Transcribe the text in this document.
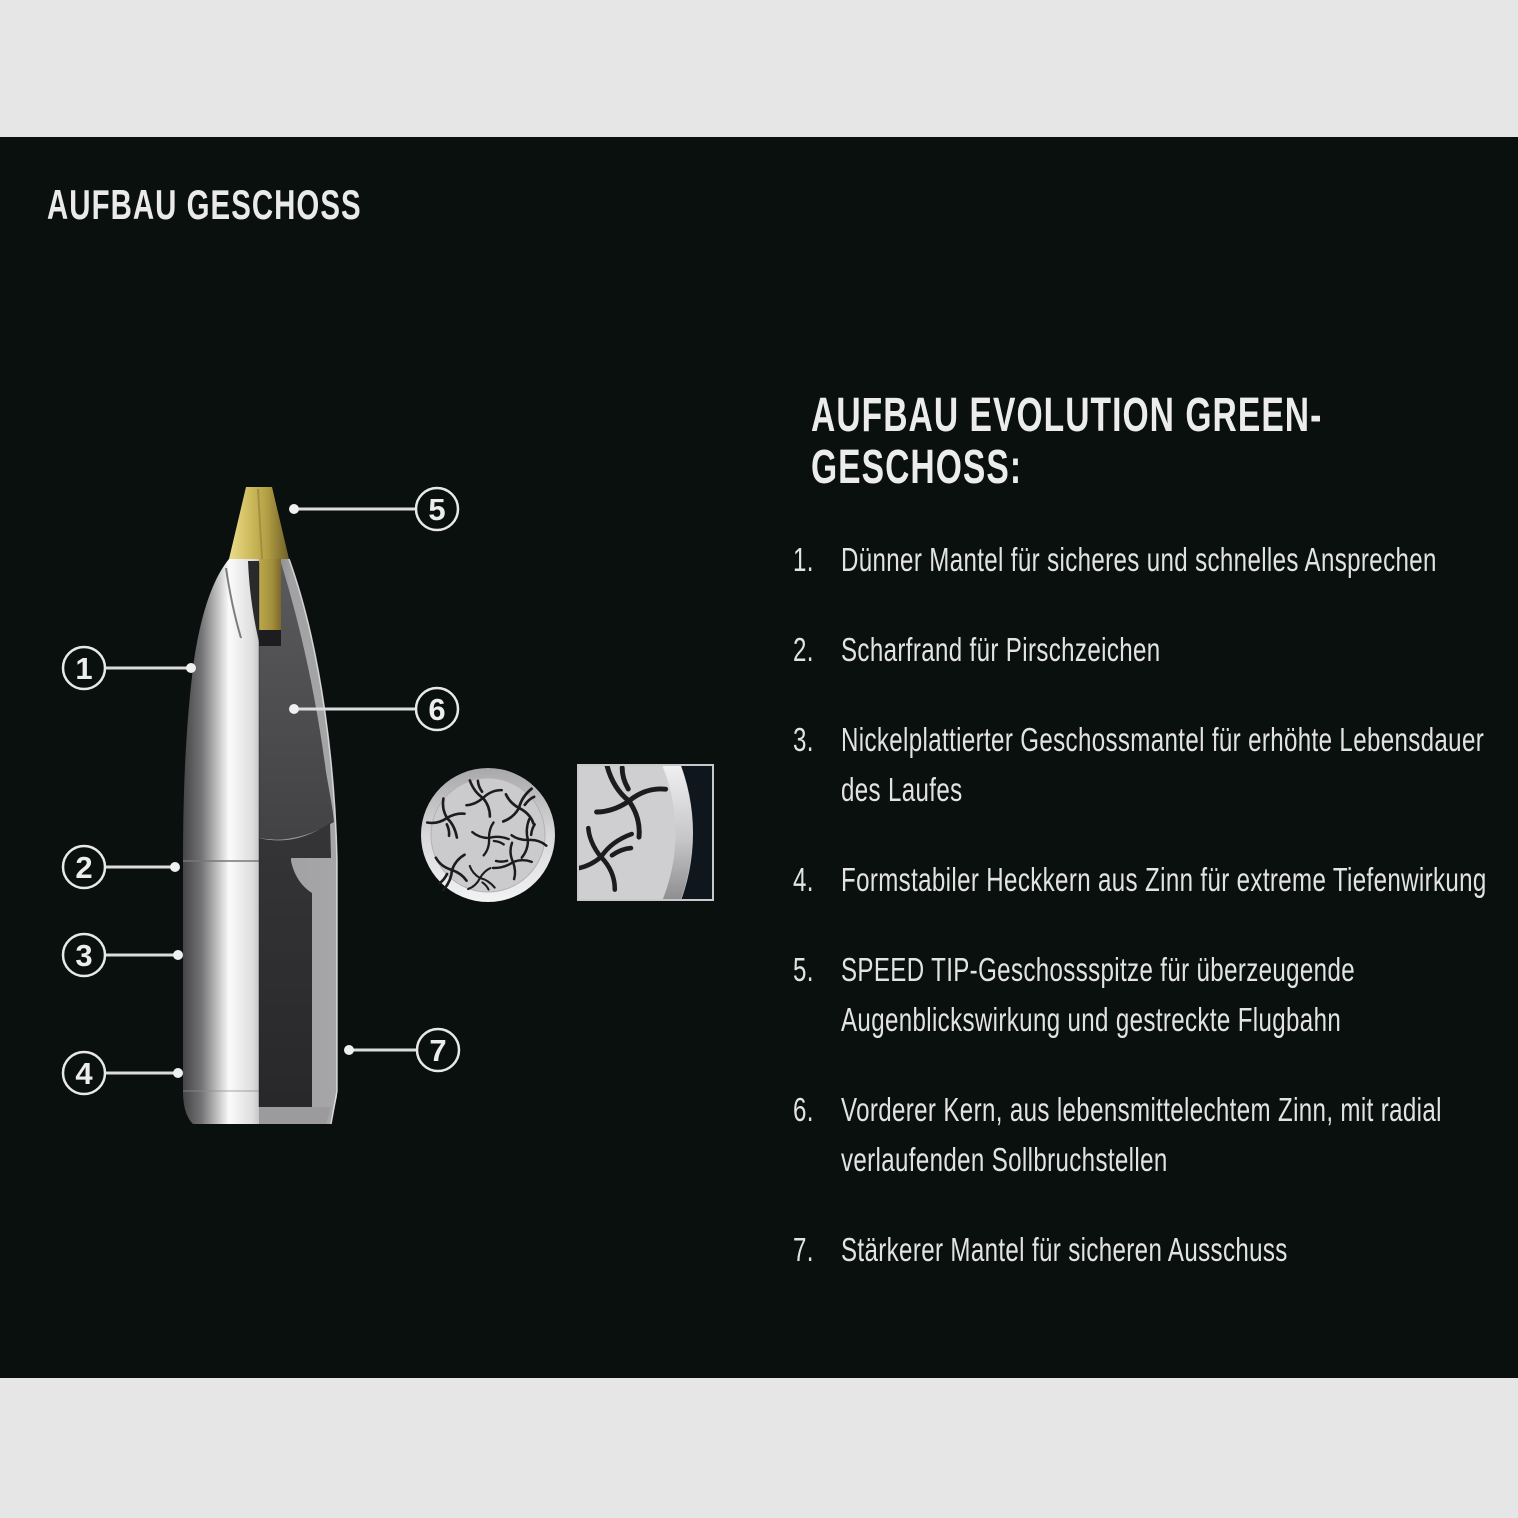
AUFBAU GESCHOSS
1
2
3
4
5
6
7
AUFBAU EVOLUTION GREEN-
GESCHOSS:
1. Dünner Mantel für sicheres und schnelles Ansprechen
2. Scharfrand für Pirschzeichen
3. Nickelplattierter Geschossmantel für erhöhte Lebensdauer
des Laufes
4. Formstabiler Heckkern aus Zinn für extreme Tiefenwirkung
5. SPEED TIP-Geschossspitze für überzeugende
Augenblickswirkung und gestreckte Flugbahn
6. Vorderer Kern, aus lebensmittelechtem Zinn, mit radial
verlaufenden Sollbruchstellen
7. Stärkerer Mantel für sicheren Ausschuss
